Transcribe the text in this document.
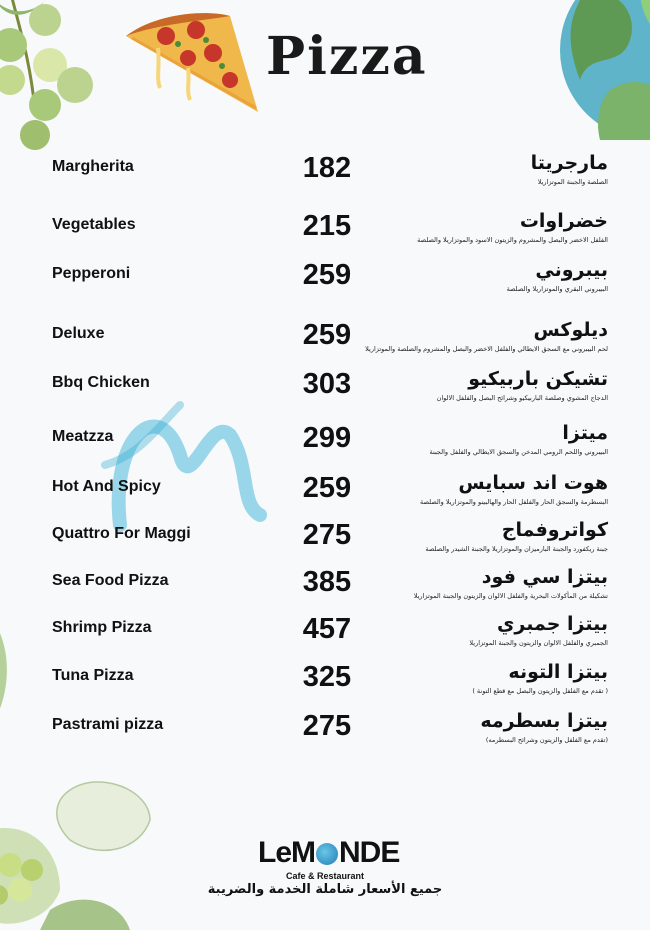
Pizza
Margherita	182	مارجريتا
الصلصة والجبنة الموتزاريلا
Vegetables	215	خضراوات
الفلفل الاخضر والبصل والمشروم والزيتون الاسود والموتزاريلا والصلصة
Pepperoni	259	بيبروني
البيبروني البقري والموتزاريلا والصلصة
Deluxe	259	ديلوكس
لحم البيبروني مع السجق الايطالي والفلفل الاخضر والبصل والمشروم والصلصة والموتزاريلا
Bbq Chicken	303	تشيكن باربيكيو
الدجاج المشوي وصلصة الباربيكيو وشرائح البصل والفلفل الالوان
Meatzza	299	ميتزا
البيبروني واللحم الرومي المدخن والسجق الايطالي والفلفل والجبنة
Hot And Spicy	259	هوت اند سبايس
البسطرمة والسجق الحار والفلفل الحار والهالبينو والموتزاريلا والصلصة
Quattro For Maggi	275	كواتروفماج
جبنة ريكفورد والجبنة البارميزان والموتزاريلا والجبنة الشيدر والصلصة
Sea Food Pizza	385	بيتزا سي فود
تشكيلة من المأكولات البحرية والفلفل الالوان والزيتون والجبنة الموتزاريلا
Shrimp Pizza	457	بيتزا جمبري
الجمبري والفلفل الالوان والزيتون والجبنة الموتزاريلا
Tuna Pizza	325	بيتزا التونه
( تقدم مع الفلفل والزيتون والبصل مع قطع التونة )
Pastrami pizza	275	بيتزا بسطرمه
(تقدم مع الفلفل والزيتون وشرائح البسطرمه)
LeM NDE
Cafe & Restaurant
جميع الأسعار شاملة الخدمة والضريبة
